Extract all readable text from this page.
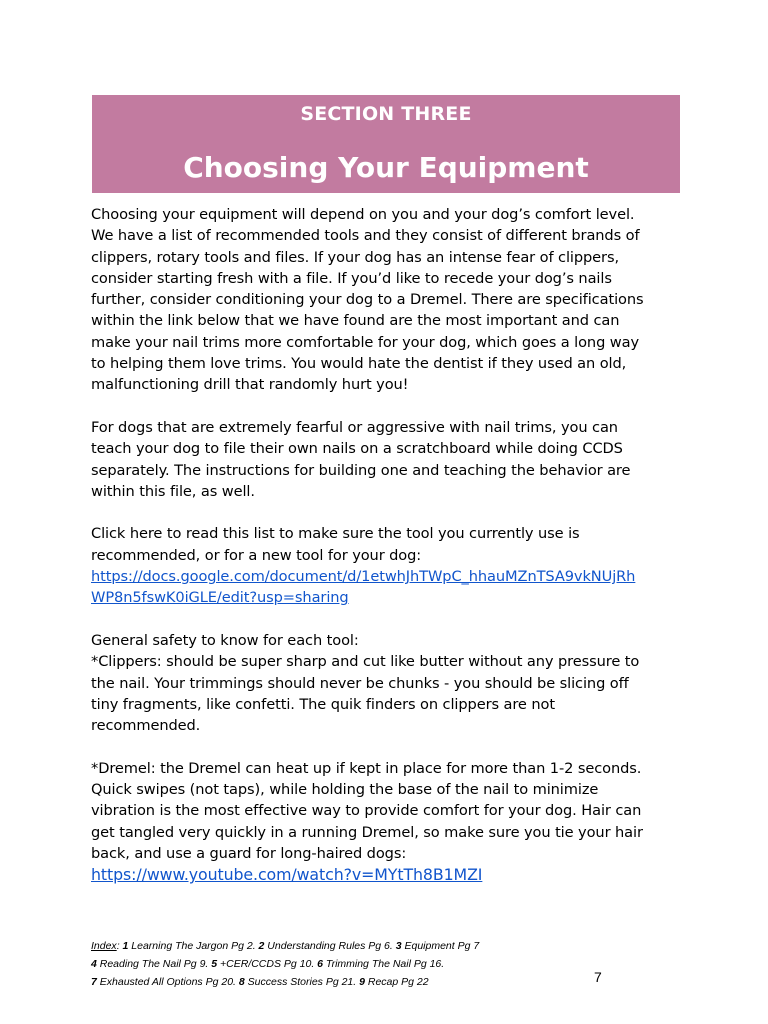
SECTION THREE
Choosing Your Equipment

Choosing your equipment will depend on you and your dog’s comfort level.
We have a list of recommended tools and they consist of different brands of
clippers, rotary tools and files. If your dog has an intense fear of clippers,
consider starting fresh with a file. If you’d like to recede your dog’s nails
further, consider conditioning your dog to a Dremel. There are specifications
within the link below that we have found are the most important and can
make your nail trims more comfortable for your dog, which goes a long way
to helping them love trims. You would hate the dentist if they used an old,
malfunctioning drill that randomly hurt you!

For dogs that are extremely fearful or aggressive with nail trims, you can
teach your dog to file their own nails on a scratchboard while doing CCDS
separately. The instructions for building one and teaching the behavior are
within this file, as well.

Click here to read this list to make sure the tool you currently use is
recommended, or for a new tool for your dog:
https://docs.google.com/document/d/1etwhJhTWpC_hhauMZnTSA9vkNUjRh
WP8n5fswK0iGLE/edit?usp=sharing

General safety to know for each tool:
*Clippers: should be super sharp and cut like butter without any pressure to
the nail. Your trimmings should never be chunks - you should be slicing off
tiny fragments, like confetti. The quik finders on clippers are not
recommended.

*Dremel: the Dremel can heat up if kept in place for more than 1-2 seconds.
Quick swipes (not taps), while holding the base of the nail to minimize
vibration is the most effective way to provide comfort for your dog. Hair can
get tangled very quickly in a running Dremel, so make sure you tie your hair
back, and use a guard for long-haired dogs:
https://www.youtube.com/watch?v=MYtTh8B1MZI

Index: 1 Learning The Jargon Pg 2. 2 Understanding Rules Pg 6. 3 Equipment Pg 7
4 Reading The Nail Pg 9. 5 +CER/CCDS Pg 10. 6 Trimming The Nail Pg 16.
7 Exhausted All Options Pg 20. 8 Success Stories Pg 21. 9 Recap Pg 22	7
